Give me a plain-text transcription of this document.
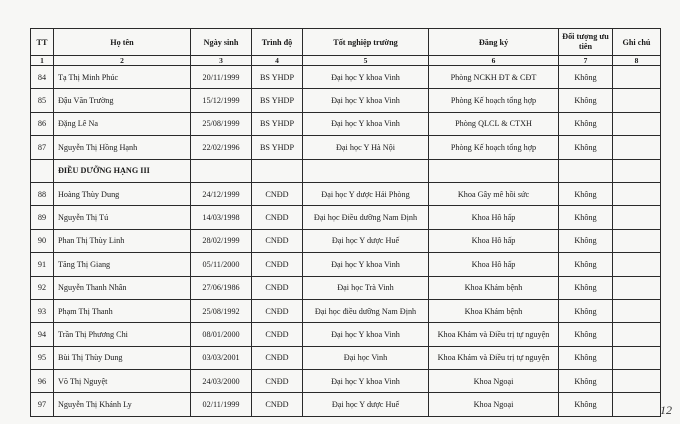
TT	Họ tên	Ngày sinh	Trình độ	Tốt nghiệp trường	Đăng ký	Đối tượng ưu tiên	Ghi chú
1	2	3	4	5	6	7	8
84	Tạ Thị Minh Phúc	20/11/1999	BS YHDP	Đại học Y khoa Vinh	Phòng NCKH ĐT & CĐT	Không	
85	Đậu Văn Trường	15/12/1999	BS YHDP	Đại học Y khoa Vinh	Phòng Kế hoạch tổng hợp	Không	
86	Đặng Lê Na	25/08/1999	BS YHDP	Đại học Y khoa Vinh	Phòng QLCL & CTXH	Không	
87	Nguyễn Thị Hồng Hạnh	22/02/1996	BS YHDP	Đại học Y Hà Nội	Phòng Kế hoạch tổng hợp	Không	
	ĐIỀU DƯỠNG HẠNG III						
88	Hoàng Thùy Dung	24/12/1999	CNĐD	Đại học Y dược Hải Phòng	Khoa Gây mê hồi sức	Không	
89	Nguyễn Thị Tú	14/03/1998	CNĐD	Đại học Điều dưỡng Nam Định	Khoa Hô hấp	Không	
90	Phan Thị Thùy Linh	28/02/1999	CNĐD	Đại học Y dược Huế	Khoa Hô hấp	Không	
91	Tăng Thị Giang	05/11/2000	CNĐD	Đại học Y khoa Vinh	Khoa Hô hấp	Không	
92	Nguyễn Thanh Nhân	27/06/1986	CNĐD	Đại học Trà Vinh	Khoa Khám bệnh	Không	
93	Phạm Thị Thanh	25/08/1992	CNĐD	Đại học điều dưỡng Nam Định	Khoa Khám bệnh	Không	
94	Trần Thị Phương Chi	08/01/2000	CNĐD	Đại học Y khoa Vinh	Khoa Khám và Điều trị tự nguyện	Không	
95	Bùi Thị Thùy Dung	03/03/2001	CNĐD	Đại học Vinh	Khoa Khám và Điều trị tự nguyện	Không	
96	Võ Thị Nguyệt	24/03/2000	CNĐD	Đại học Y khoa Vinh	Khoa Ngoại	Không	
97	Nguyễn Thị Khánh Ly	02/11/1999	CNĐD	Đại học Y dược Huế	Khoa Ngoại	Không		12
